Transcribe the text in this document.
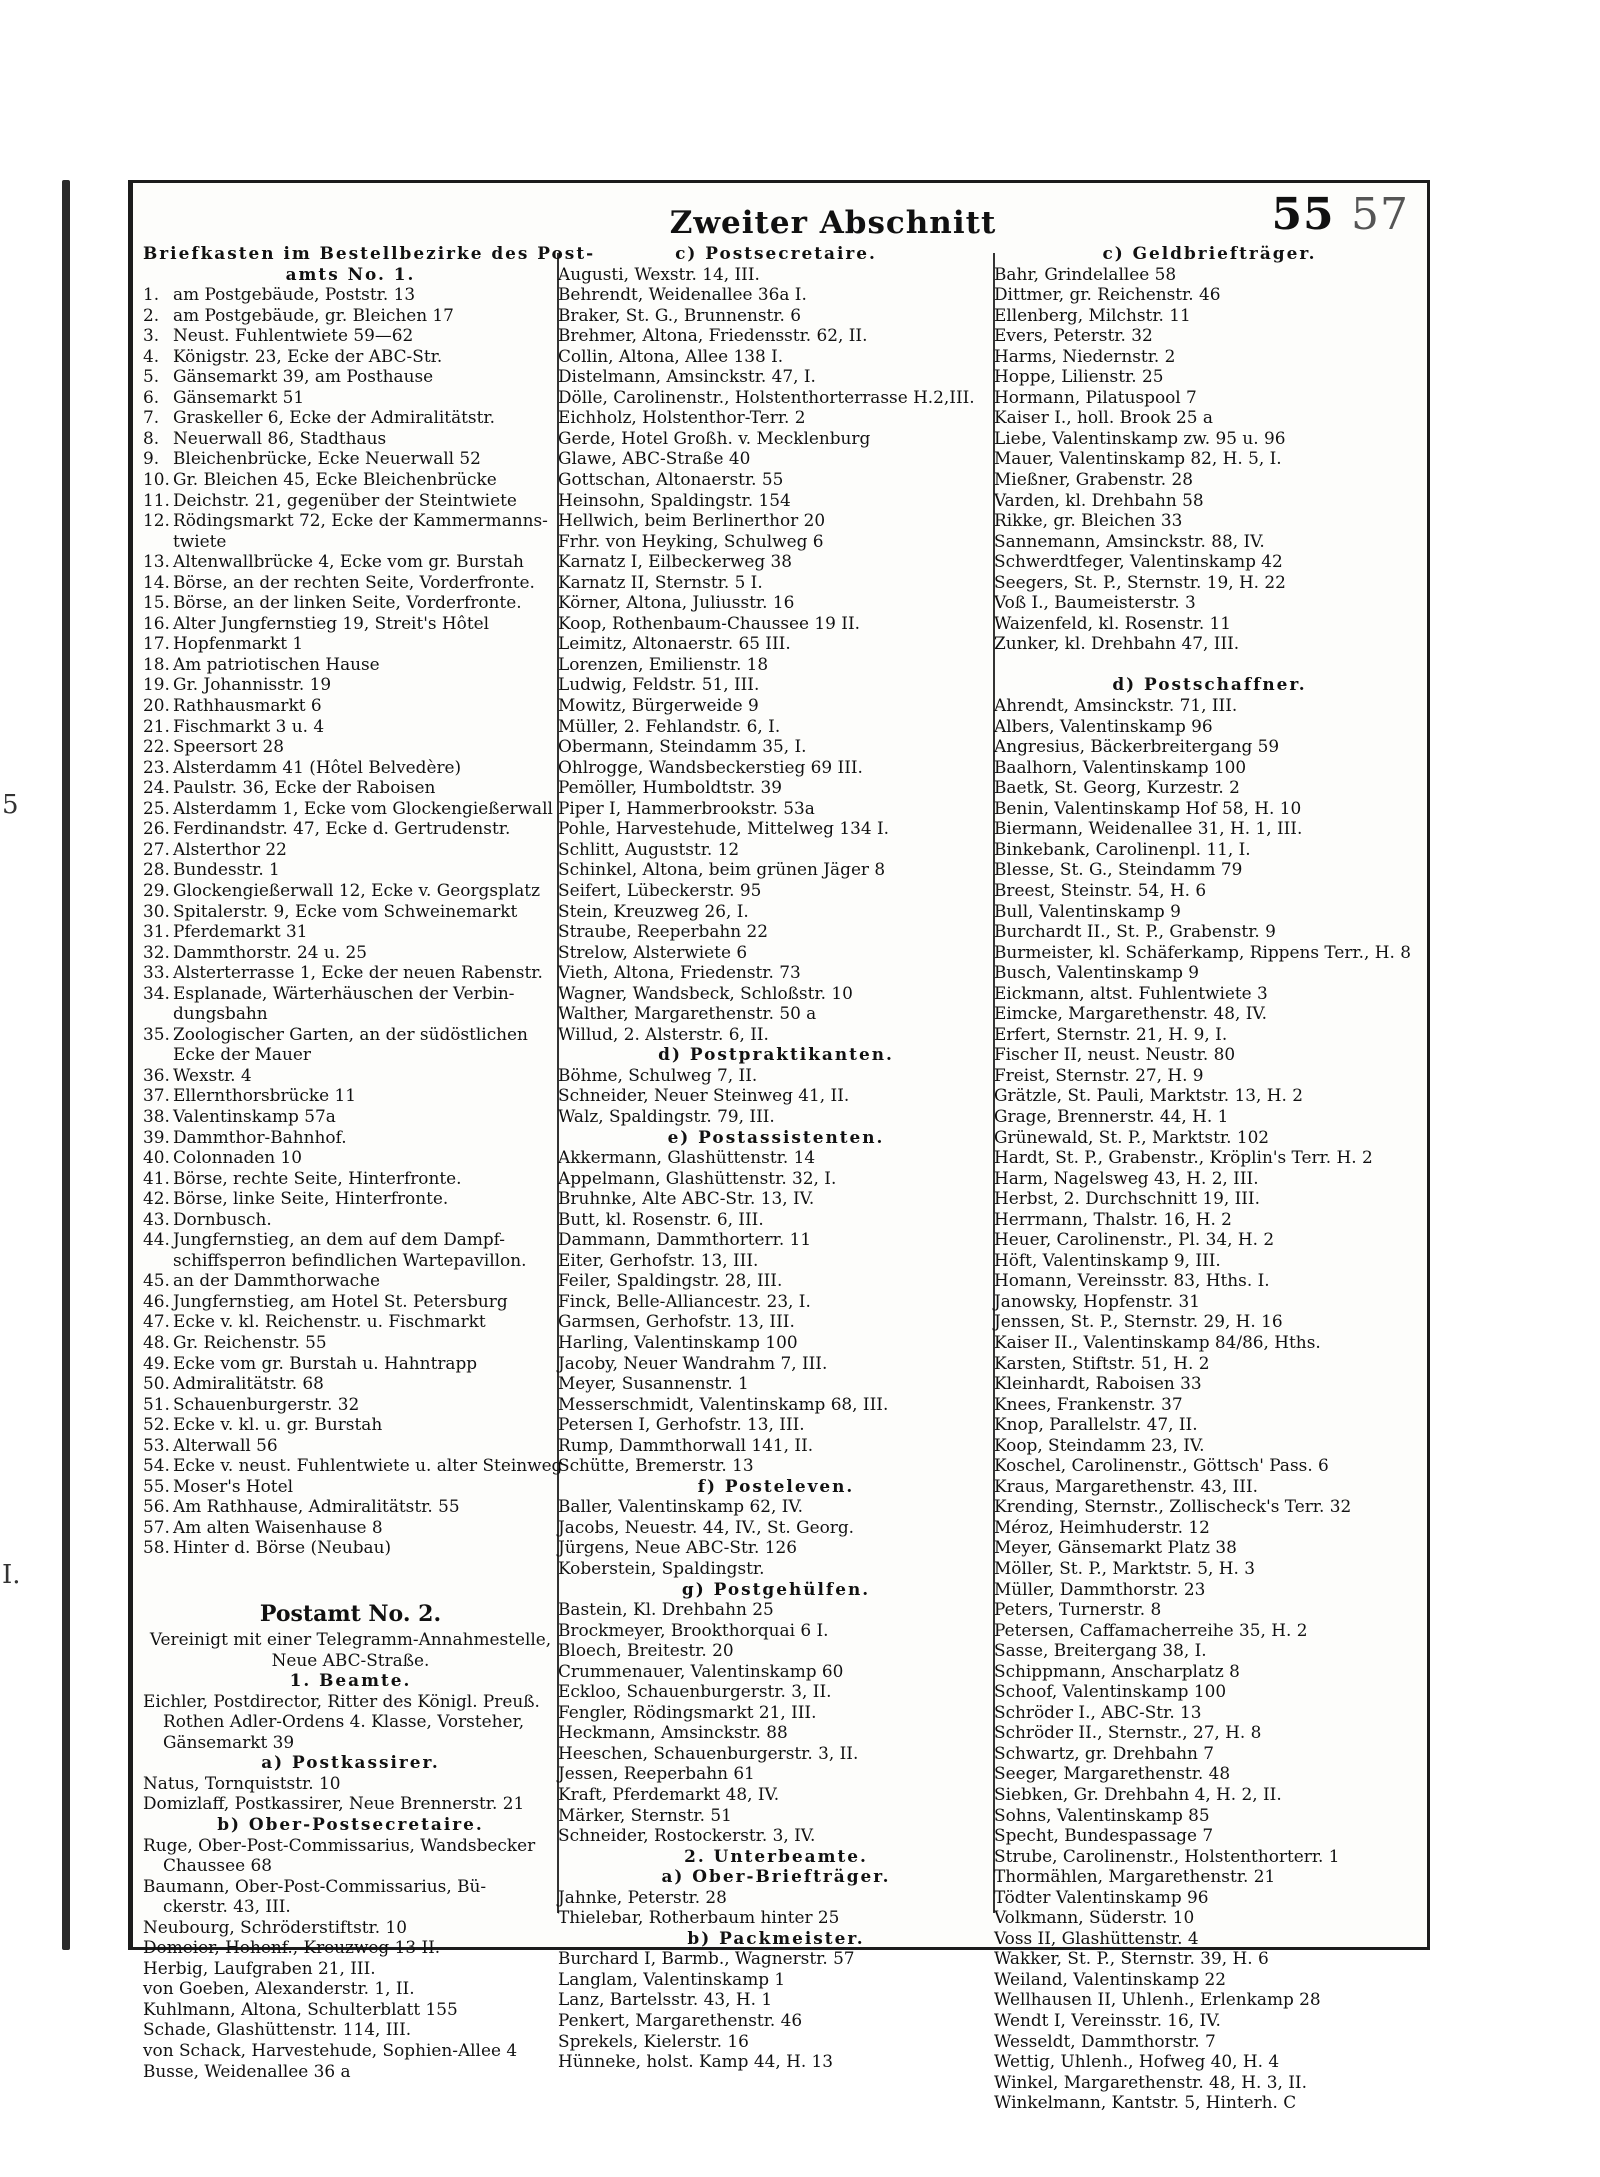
5
I.
55 57
Zweiter Abschnitt
Briefkasten im Bestellbezirke des Post-
amts No. 1.
1. am Postgebäude, Poststr. 13
2. am Postgebäude, gr. Bleichen 17
3. Neust. Fuhlentwiete 59—62
4. Königstr. 23, Ecke der ABC-Str.
5. Gänsemarkt 39, am Posthause
6. Gänsemarkt 51
7. Graskeller 6, Ecke der Admiralitätstr.
8. Neuerwall 86, Stadthaus
9. Bleichenbrücke, Ecke Neuerwall 52
10. Gr. Bleichen 45, Ecke Bleichenbrücke
11. Deichstr. 21, gegenüber der Steintwiete
12. Rödingsmarkt 72, Ecke der Kammermanns-
twiete
13. Altenwallbrücke 4, Ecke vom gr. Burstah
14. Börse, an der rechten Seite, Vorderfronte.
15. Börse, an der linken Seite, Vorderfronte.
16. Alter Jungfernstieg 19, Streit's Hôtel
17. Hopfenmarkt 1
18. Am patriotischen Hause
19. Gr. Johannisstr. 19
20. Rathhausmarkt 6
21. Fischmarkt 3 u. 4
22. Speersort 28
23. Alsterdamm 41 (Hôtel Belvedère)
24. Paulstr. 36, Ecke der Raboisen
25. Alsterdamm 1, Ecke vom Glockengießerwall
26. Ferdinandstr. 47, Ecke d. Gertrudenstr.
27. Alsterthor 22
28. Bundesstr. 1
29. Glockengießerwall 12, Ecke v. Georgsplatz
30. Spitalerstr. 9, Ecke vom Schweinemarkt
31. Pferdemarkt 31
32. Dammthorstr. 24 u. 25
33. Alsterterrasse 1, Ecke der neuen Rabenstr.
34. Esplanade, Wärterhäuschen der Verbin-
dungsbahn
35. Zoologischer Garten, an der südöstlichen
Ecke der Mauer
36. Wexstr. 4
37. Ellernthorsbrücke 11
38. Valentinskamp 57a
39. Dammthor-Bahnhof.
40. Colonnaden 10
41. Börse, rechte Seite, Hinterfronte.
42. Börse, linke Seite, Hinterfronte.
43. Dornbusch.
44. Jungfernstieg, an dem auf dem Dampf-
schiffsperron befindlichen Wartepavillon.
45. an der Dammthorwache
46. Jungfernstieg, am Hotel St. Petersburg
47. Ecke v. kl. Reichenstr. u. Fischmarkt
48. Gr. Reichenstr. 55
49. Ecke vom gr. Burstah u. Hahntrapp
50. Admiralitätstr. 68
51. Schauenburgerstr. 32
52. Ecke v. kl. u. gr. Burstah
53. Alterwall 56
54. Ecke v. neust. Fuhlentwiete u. alter Steinweg
55. Moser's Hotel
56. Am Rathhause, Admiralitätstr. 55
57. Am alten Waisenhause 8
58. Hinter d. Börse (Neubau)
Postamt No. 2.
Vereinigt mit einer Telegramm-Annahmestelle,
Neue ABC-Straße.
1. Beamte.
Eichler, Postdirector, Ritter des Königl. Preuß.
Rothen Adler-Ordens 4. Klasse, Vorsteher,
Gänsemarkt 39
a) Postkassirer.
Natus, Tornquiststr. 10
Domizlaff, Postkassirer, Neue Brennerstr. 21
b) Ober-Postsecretaire.
Ruge, Ober-Post-Commissarius, Wandsbecker
Chaussee 68
Baumann, Ober-Post-Commissarius, Bü-
ckerstr. 43, III.
Neubourg, Schröderstiftstr. 10
Domeier, Hohenf., Kreuzweg 13 II.
Herbig, Laufgraben 21, III.
von Goeben, Alexanderstr. 1, II.
Kuhlmann, Altona, Schulterblatt 155
Schade, Glashüttenstr. 114, III.
von Schack, Harvestehude, Sophien-Allee 4
Busse, Weidenallee 36 a
c) Postsecretaire.
Augusti, Wexstr. 14, III.
Behrendt, Weidenallee 36a I.
Braker, St. G., Brunnenstr. 6
Brehmer, Altona, Friedensstr. 62, II.
Collin, Altona, Allee 138 I.
Distelmann, Amsinckstr. 47, I.
Dölle, Carolinenstr., Holstenthorterrasse H.2,III.
Eichholz, Holstenthor-Terr. 2
Gerde, Hotel Großh. v. Mecklenburg
Glawe, ABC-Straße 40
Gottschan, Altonaerstr. 55
Heinsohn, Spaldingstr. 154
Hellwich, beim Berlinerthor 20
Frhr. von Heyking, Schulweg 6
Karnatz I, Eilbeckerweg 38
Karnatz II, Sternstr. 5 I.
Körner, Altona, Juliusstr. 16
Koop, Rothenbaum-Chaussee 19 II.
Leimitz, Altonaerstr. 65 III.
Lorenzen, Emilienstr. 18
Ludwig, Feldstr. 51, III.
Mowitz, Bürgerweide 9
Müller, 2. Fehlandstr. 6, I.
Obermann, Steindamm 35, I.
Ohlrogge, Wandsbeckerstieg 69 III.
Pemöller, Humboldtstr. 39
Piper I, Hammerbrookstr. 53a
Pohle, Harvestehude, Mittelweg 134 I.
Schlitt, Auguststr. 12
Schinkel, Altona, beim grünen Jäger 8
Seifert, Lübeckerstr. 95
Stein, Kreuzweg 26, I.
Straube, Reeperbahn 22
Strelow, Alsterwiete 6
Vieth, Altona, Friedenstr. 73
Wagner, Wandsbeck, Schloßstr. 10
Walther, Margarethenstr. 50 a
Willud, 2. Alsterstr. 6, II.
d) Postpraktikanten.
Böhme, Schulweg 7, II.
Schneider, Neuer Steinweg 41, II.
Walz, Spaldingstr. 79, III.
e) Postassistenten.
Akkermann, Glashüttenstr. 14
Appelmann, Glashüttenstr. 32, I.
Bruhnke, Alte ABC-Str. 13, IV.
Butt, kl. Rosenstr. 6, III.
Dammann, Dammthorterr. 11
Eiter, Gerhofstr. 13, III.
Feiler, Spaldingstr. 28, III.
Finck, Belle-Alliancestr. 23, I.
Garmsen, Gerhofstr. 13, III.
Harling, Valentinskamp 100
Jacoby, Neuer Wandrahm 7, III.
Meyer, Susannenstr. 1
Messerschmidt, Valentinskamp 68, III.
Petersen I, Gerhofstr. 13, III.
Rump, Dammthorwall 141, II.
Schütte, Bremerstr. 13
f) Posteleven.
Baller, Valentinskamp 62, IV.
Jacobs, Neuestr. 44, IV., St. Georg.
Jürgens, Neue ABC-Str. 126
Koberstein, Spaldingstr.
g) Postgehülfen.
Bastein, Kl. Drehbahn 25
Brockmeyer, Brookthorquai 6 I.
Bloech, Breitestr. 20
Crummenauer, Valentinskamp 60
Eckloo, Schauenburgerstr. 3, II.
Fengler, Rödingsmarkt 21, III.
Heckmann, Amsinckstr. 88
Heeschen, Schauenburgerstr. 3, II.
Jessen, Reeperbahn 61
Kraft, Pferdemarkt 48, IV.
Märker, Sternstr. 51
Schneider, Rostockerstr. 3, IV.
2. Unterbeamte.
a) Ober-Briefträger.
Jahnke, Peterstr. 28
Thielebar, Rotherbaum hinter 25
b) Packmeister.
Burchard I, Barmb., Wagnerstr. 57
Langlam, Valentinskamp 1
Lanz, Bartelsstr. 43, H. 1
Penkert, Margarethenstr. 46
Sprekels, Kielerstr. 16
Hünneke, holst. Kamp 44, H. 13
c) Geldbriefträger.
Bahr, Grindelallee 58
Dittmer, gr. Reichenstr. 46
Ellenberg, Milchstr. 11
Evers, Peterstr. 32
Harms, Niedernstr. 2
Hoppe, Lilienstr. 25
Hormann, Pilatuspool 7
Kaiser I., holl. Brook 25 a
Liebe, Valentinskamp zw. 95 u. 96
Mauer, Valentinskamp 82, H. 5, I.
Mießner, Grabenstr. 28
Varden, kl. Drehbahn 58
Rikke, gr. Bleichen 33
Sannemann, Amsinckstr. 88, IV.
Schwerdtfeger, Valentinskamp 42
Seegers, St. P., Sternstr. 19, H. 22
Voß I., Baumeisterstr. 3
Waizenfeld, kl. Rosenstr. 11
Zunker, kl. Drehbahn 47, III.
d) Postschaffner.
Ahrendt, Amsinckstr. 71, III.
Albers, Valentinskamp 96
Angresius, Bäckerbreitergang 59
Baalhorn, Valentinskamp 100
Baetk, St. Georg, Kurzestr. 2
Benin, Valentinskamp Hof 58, H. 10
Biermann, Weidenallee 31, H. 1, III.
Binkebank, Carolinenpl. 11, I.
Blesse, St. G., Steindamm 79
Breest, Steinstr. 54, H. 6
Bull, Valentinskamp 9
Burchardt II., St. P., Grabenstr. 9
Burmeister, kl. Schäferkamp, Rippens Terr., H. 8
Busch, Valentinskamp 9
Eickmann, altst. Fuhlentwiete 3
Eimcke, Margarethenstr. 48, IV.
Erfert, Sternstr. 21, H. 9, I.
Fischer II, neust. Neustr. 80
Freist, Sternstr. 27, H. 9
Grätzle, St. Pauli, Marktstr. 13, H. 2
Grage, Brennerstr. 44, H. 1
Grünewald, St. P., Marktstr. 102
Hardt, St. P., Grabenstr., Kröplin's Terr. H. 2
Harm, Nagelsweg 43, H. 2, III.
Herbst, 2. Durchschnitt 19, III.
Herrmann, Thalstr. 16, H. 2
Heuer, Carolinenstr., Pl. 34, H. 2
Höft, Valentinskamp 9, III.
Homann, Vereinsstr. 83, Hths. I.
Janowsky, Hopfenstr. 31
Jenssen, St. P., Sternstr. 29, H. 16
Kaiser II., Valentinskamp 84/86, Hths.
Karsten, Stiftstr. 51, H. 2
Kleinhardt, Raboisen 33
Knees, Frankenstr. 37
Knop, Parallelstr. 47, II.
Koop, Steindamm 23, IV.
Koschel, Carolinenstr., Göttsch' Pass. 6
Kraus, Margarethenstr. 43, III.
Krending, Sternstr., Zollischeck's Terr. 32
Méroz, Heimhuderstr. 12
Meyer, Gänsemarkt Platz 38
Möller, St. P., Marktstr. 5, H. 3
Müller, Dammthorstr. 23
Peters, Turnerstr. 8
Petersen, Caffamacherreihe 35, H. 2
Sasse, Breitergang 38, I.
Schippmann, Anscharplatz 8
Schoof, Valentinskamp 100
Schröder I., ABC-Str. 13
Schröder II., Sternstr., 27, H. 8
Schwartz, gr. Drehbahn 7
Seeger, Margarethenstr. 48
Siebken, Gr. Drehbahn 4, H. 2, II.
Sohns, Valentinskamp 85
Specht, Bundespassage 7
Strube, Carolinenstr., Holstenthorterr. 1
Thormählen, Margarethenstr. 21
Tödter Valentinskamp 96
Volkmann, Süderstr. 10
Voss II, Glashüttenstr. 4
Wakker, St. P., Sternstr. 39, H. 6
Weiland, Valentinskamp 22
Wellhausen II, Uhlenh., Erlenkamp 28
Wendt I, Vereinsstr. 16, IV.
Wesseldt, Dammthorstr. 7
Wettig, Uhlenh., Hofweg 40, H. 4
Winkel, Margarethenstr. 48, H. 3, II.
Winkelmann, Kantstr. 5, Hinterh. C
